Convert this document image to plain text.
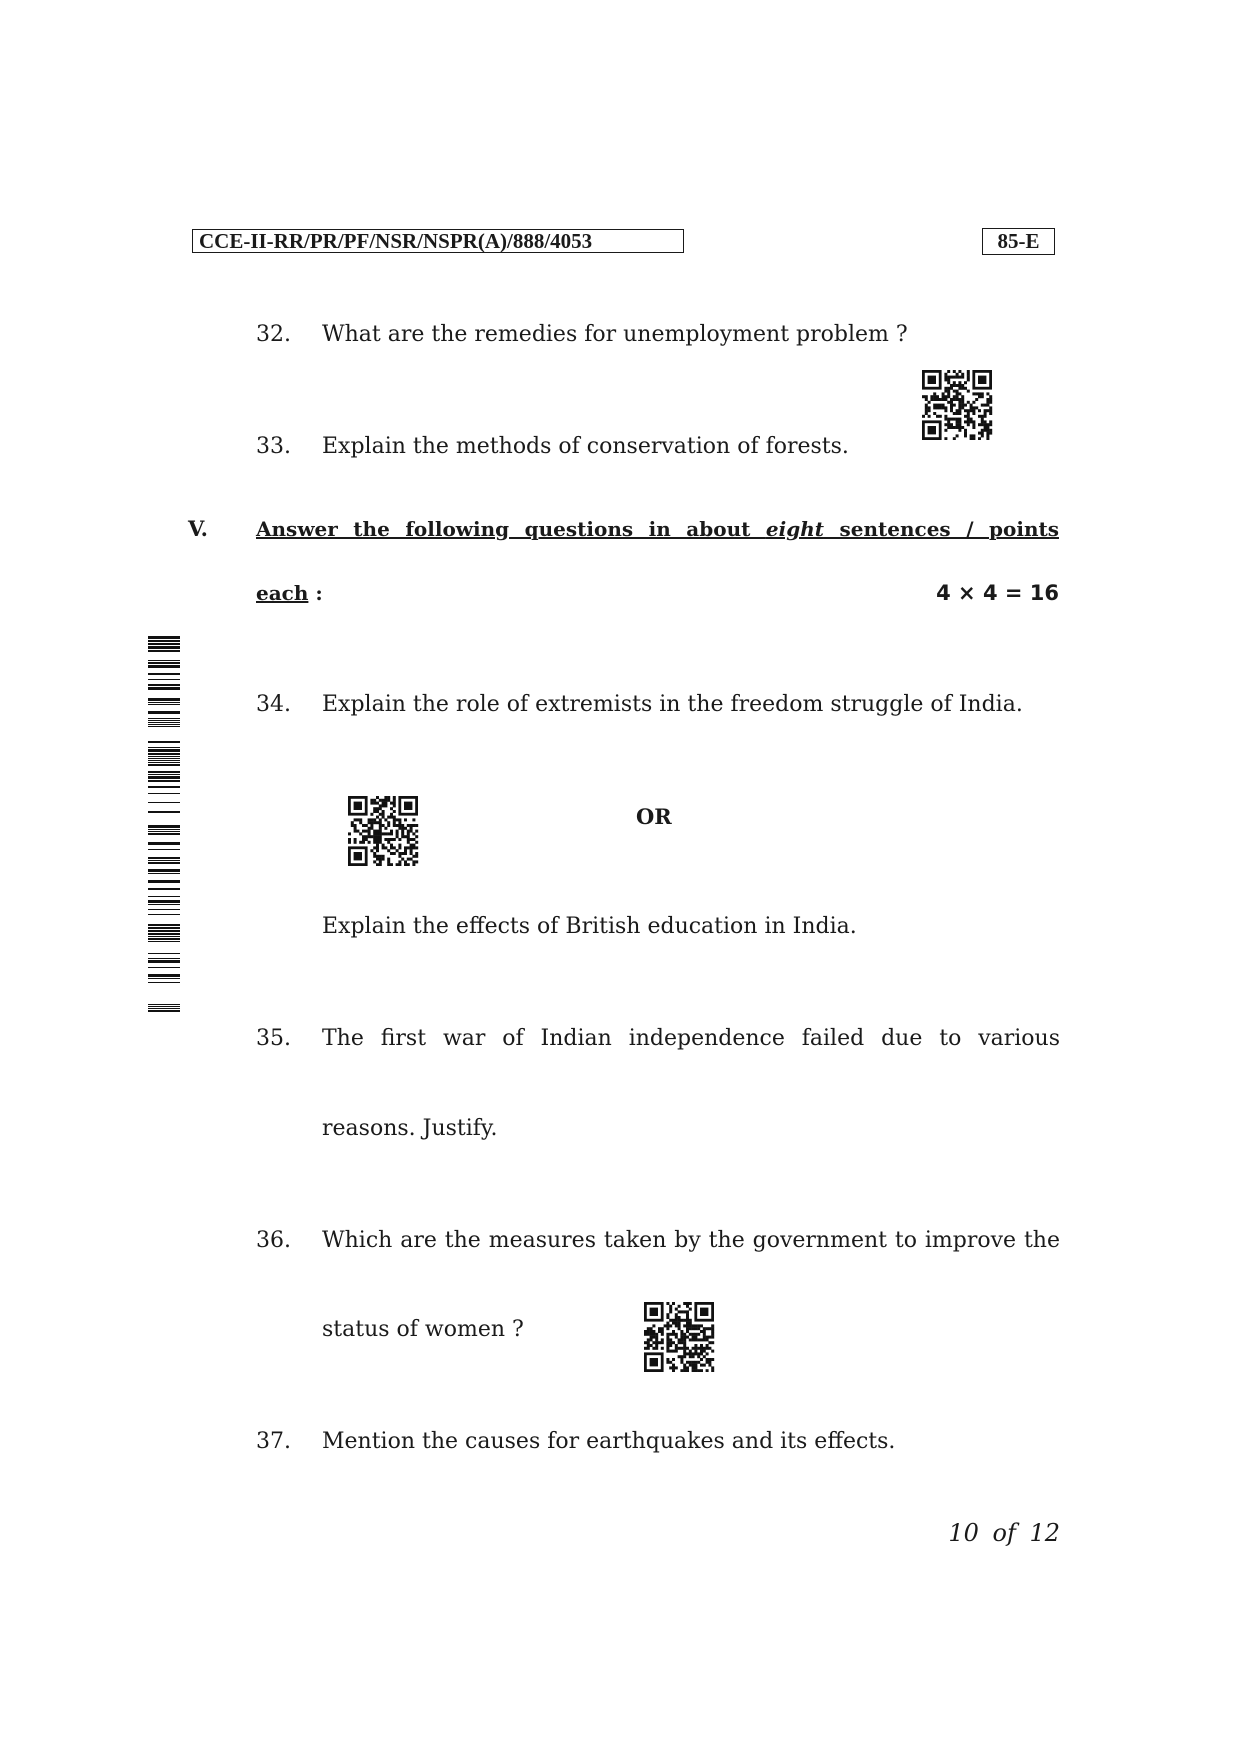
CCE-II-RR/PR/PF/NSR/NSPR(A)/888/4053	85-E
32. What are the remedies for unemployment problem ?
33. Explain the methods of conservation of forests.
V. Answer the following questions in about eight sentences / points
each :	4 × 4 = 16
34. Explain the role of extremists in the freedom struggle of India.
OR
Explain the effects of British education in India.
35. The first war of Indian independence failed due to various
reasons. Justify.
36. Which are the measures taken by the government to improve the
status of women ?
37. Mention the causes for earthquakes and its effects.
10 of 12
